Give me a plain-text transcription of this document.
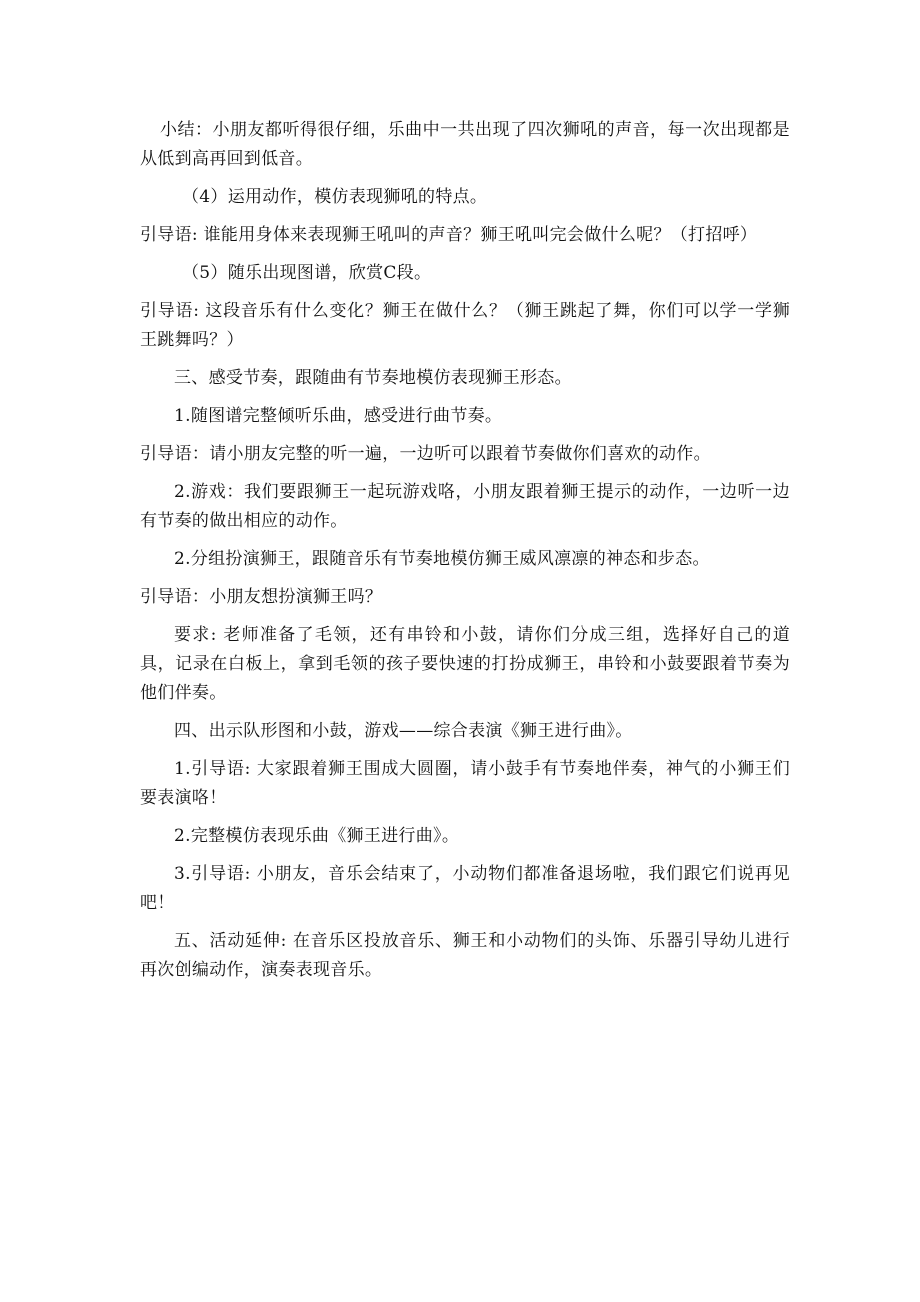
小结：小朋友都听得很仔细，乐曲中一共出现了四次狮吼的声音，每一次出现都是从低到高再回到低音。

（4）运用动作，模仿表现狮吼的特点。

引导语: 谁能用身体来表现狮王吼叫的声音？狮王吼叫完会做什么呢？（打招呼）

（5）随乐出现图谱，欣赏C段。

引导语: 这段音乐有什么变化？狮王在做什么？（狮王跳起了舞，你们可以学一学狮王跳舞吗？）

三、感受节奏，跟随曲有节奏地模仿表现狮王形态。

1.随图谱完整倾听乐曲，感受进行曲节奏。

引导语：请小朋友完整的听一遍，一边听可以跟着节奏做你们喜欢的动作。

2.游戏：我们要跟狮王一起玩游戏咯，小朋友跟着狮王提示的动作，一边听一边有节奏的做出相应的动作。

2.分组扮演狮王，跟随音乐有节奏地模仿狮王威风凛凛的神态和步态。

引导语：小朋友想扮演狮王吗？

要求: 老师准备了毛领，还有串铃和小鼓，请你们分成三组，选择好自己的道具，记录在白板上，拿到毛领的孩子要快速的打扮成狮王，串铃和小鼓要跟着节奏为他们伴奏。

四、出示队形图和小鼓，游戏——综合表演《狮王进行曲》。

1.引导语: 大家跟着狮王围成大圆圈，请小鼓手有节奏地伴奏，神气的小狮王们要表演咯！

2.完整模仿表现乐曲《狮王进行曲》。

3.引导语: 小朋友，音乐会结束了，小动物们都准备退场啦，我们跟它们说再见吧！

五、活动延伸: 在音乐区投放音乐、狮王和小动物们的头饰、乐器引导幼儿进行再次创编动作，演奏表现音乐。
